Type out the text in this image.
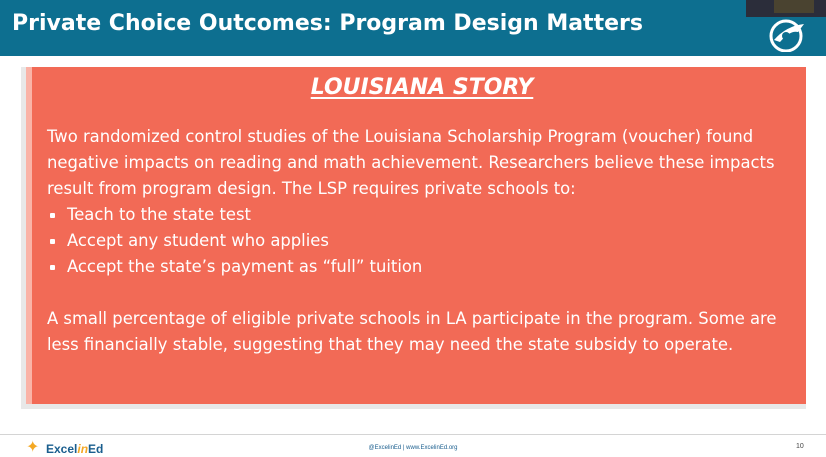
Private Choice Outcomes: Program Design Matters
LOUISIANA STORY

Two randomized control studies of the Louisiana Scholarship Program (voucher) found negative impacts on reading and math achievement. Researchers believe these impacts result from program design. The LSP requires private schools to:

Teach to the state test
Accept any student who applies
Accept the state’s payment as “full” tuition

A small percentage of eligible private schools in LA participate in the program. Some are less financially stable, suggesting that they may need the state subsidy to operate.

✦ ExcelinEd	@ExcelinEd | www.ExcelinEd.org	10
